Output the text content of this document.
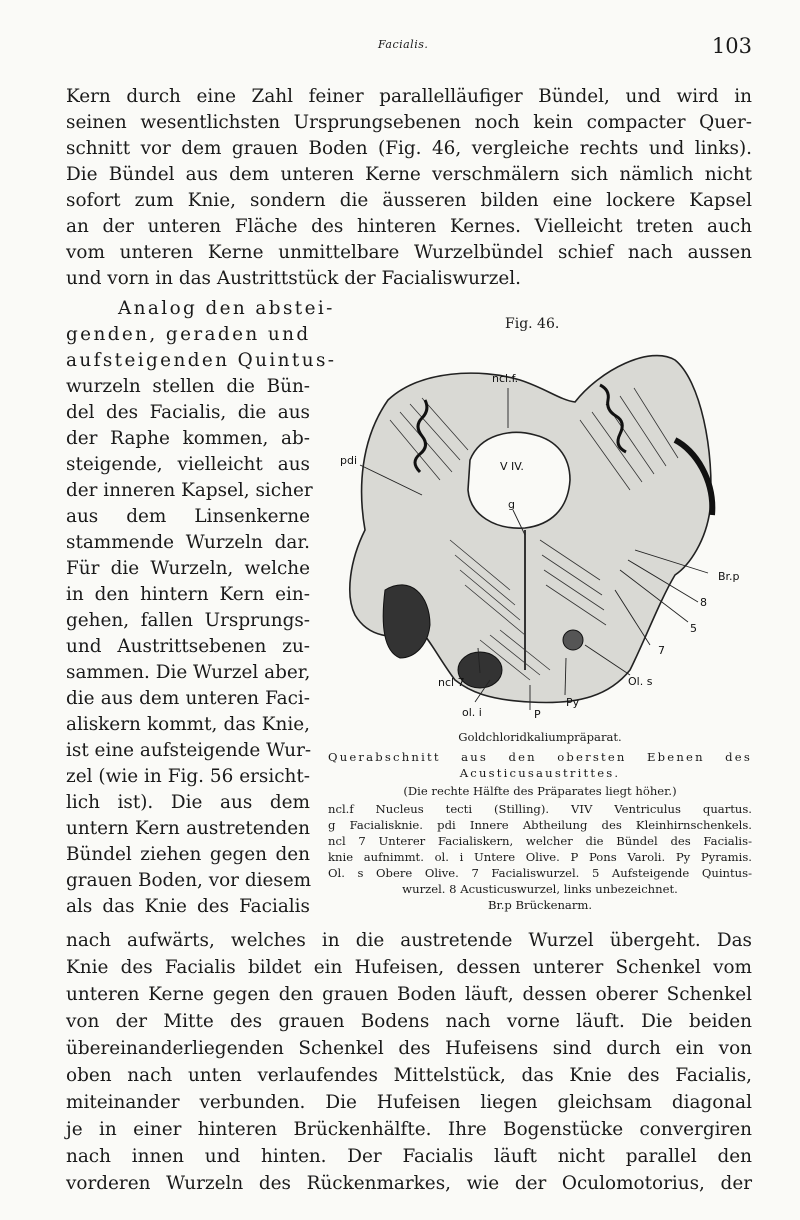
Facialis.	103
Kern durch eine Zahl feiner parallelläufiger Bündel, und wird in
seinen wesentlichsten Ursprungsebenen noch kein compacter Quer-
schnitt vor dem grauen Boden (Fig. 46, vergleiche rechts und links).
Die Bündel aus dem unteren Kerne verschmälern sich nämlich nicht
sofort zum Knie, sondern die äusseren bilden eine lockere Kapsel
an der unteren Fläche des hinteren Kernes. Vielleicht treten auch
vom unteren Kerne unmittelbare Wurzelbündel schief nach aussen
und vorn in das Austrittstück der Facialiswurzel.
Analog den abstei-
genden, geraden und
aufsteigenden Quintus-
wurzeln stellen die Bün-
del des Facialis, die aus
der Raphe kommen, ab-
steigende, vielleicht aus
der inneren Kapsel, sicher
aus dem Linsenkerne
stammende Wurzeln dar.
Für die Wurzeln, welche
in den hintern Kern ein-
gehen, fallen Ursprungs-
und Austrittsebenen zu-
sammen. Die Wurzel aber,
die aus dem unteren Faci-
aliskern kommt, das Knie,
ist eine aufsteigende Wur-
zel (wie in Fig. 56 ersicht-
lich ist). Die aus dem
untern Kern austretenden
Bündel ziehen gegen den
grauen Boden, vor diesem
als das Knie des Facialis
Fig. 46.
ncl.f.
pdi	V IV.
g
Br.p
8
5
7
Ol. s
ncl 7
ol. i	P
Py
Goldchloridkaliumpräparat.
Querabschnitt aus den obersten Ebenen des
Acusticusaustrittes.
(Die rechte Hälfte des Präparates liegt höher.)
ncl.f Nucleus tecti (Stilling). VIV Ventriculus quartus.
g Facialisknie. pdi Innere Abtheilung des Kleinhirnschenkels.
ncl 7 Unterer Facialiskern, welcher die Bündel des Facialis-
knie aufnimmt. ol. i Untere Olive. P Pons Varoli. Py Pyramis.
Ol. s Obere Olive. 7 Facialiswurzel. 5 Aufsteigende Quintus-
wurzel. 8 Acusticuswurzel, links unbezeichnet.
Br.p Brückenarm.
nach aufwärts, welches in die austretende Wurzel übergeht. Das
Knie des Facialis bildet ein Hufeisen, dessen unterer Schenkel vom
unteren Kerne gegen den grauen Boden läuft, dessen oberer Schenkel
von der Mitte des grauen Bodens nach vorne läuft. Die beiden
übereinanderliegenden Schenkel des Hufeisens sind durch ein von
oben nach unten verlaufendes Mittelstück, das Knie des Facialis,
miteinander verbunden. Die Hufeisen liegen gleichsam diagonal
je in einer hinteren Brückenhälfte. Ihre Bogenstücke convergiren
nach innen und hinten. Der Facialis läuft nicht parallel den
vorderen Wurzeln des Rückenmarkes, wie der Oculomotorius, der
